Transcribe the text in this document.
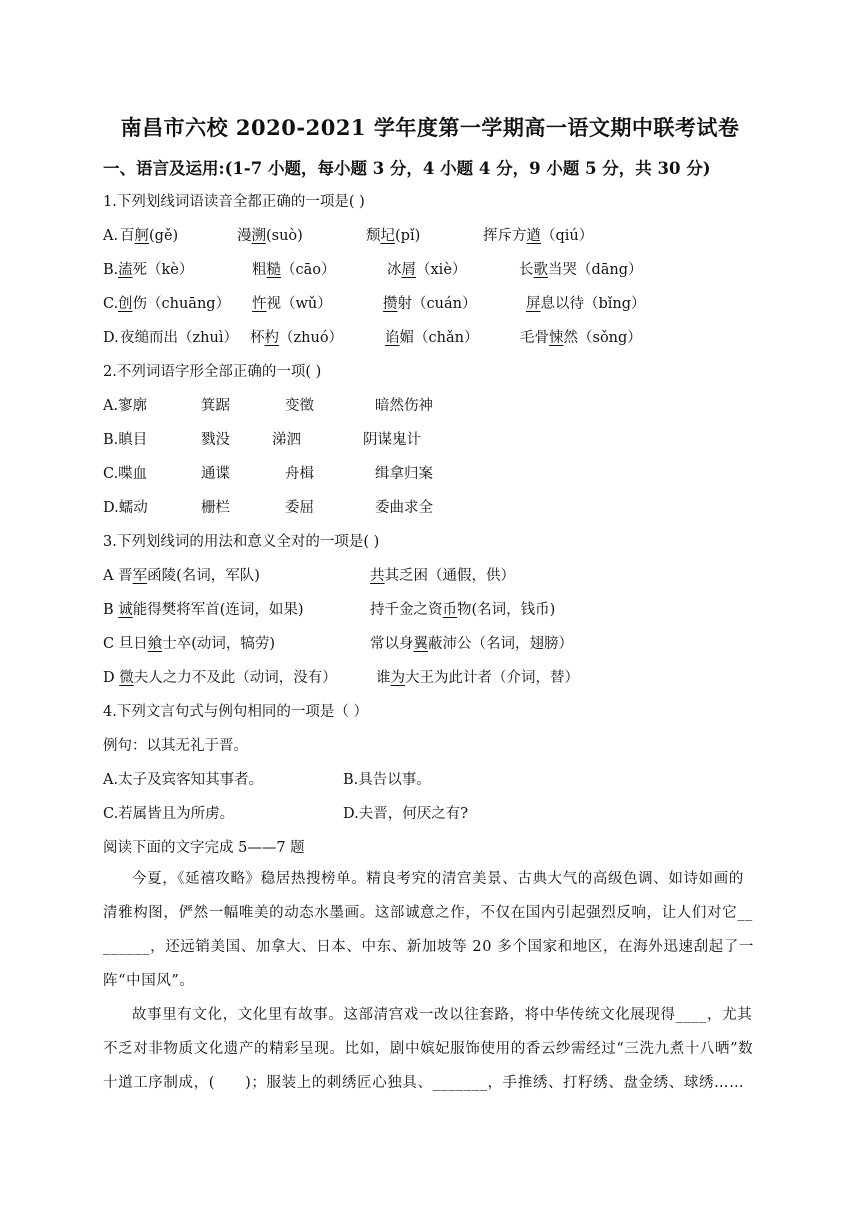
南昌市六校 2020-2021 学年度第一学期高一语文期中联考试卷
一、语言及运用:(1-7 小题，每小题 3 分，4 小题 4 分，9 小题 5 分，共 30 分)
1.下列划线词语读音全都正确的一项是( )
A. 百舸(gě)	漫溯(suò)	颓圮(pǐ)	挥斥方遒（qiú）
B. 溘死（kè）	粗糙（cāo）	冰屑（xiè）	长歌当哭（dāng）
C. 创伤（chuāng） 忤视（wǔ）	攒射（cuán）	屏息以待（bǐng）
D. 夜缒而出（zhuì） 杯杓（zhuó）	谄媚（chǎn）	毛骨悚然（sǒng）
2.不列词语字形全部正确的一项( )
A.寥廓	箕踞	变徵	暗然伤神
B.瞋目	戮没	涕泗	阴谋鬼计
C.喋血	通谍	舟楫	缉拿归案
D.蠕动	栅栏	委屈	委曲求全
3.下列划线词的用法和意义全对的一项是( )
A 晋军函陵(名词，军队)	共其乏困（通假，供）
B 诚能得樊将军首(连词，如果)	持千金之资币物(名词，钱币)
C 旦日飨士卒(动词，犒劳)	常以身翼蔽沛公（名词，翅膀）
D 微夫人之力不及此（动词，没有）	谁为大王为此计者（介词，替）
4.下列文言句式与例句相同的一项是（ ）
例句：以其无礼于晋。
A.太子及宾客知其事者。	B.具告以事。
C.若属皆且为所虏。	D.夫晋，何厌之有?
阅读下面的文字完成 5——7 题
今夏，《延禧攻略》稳居热搜榜单。精良考究的清宫美景、古典大气的高级色调、如诗如画的清雅构图，俨然一幅唯美的动态水墨画。这部诚意之作，不仅在国内引起强烈反响，让人们对它________，还远销美国、加拿大、日本、中东、新加坡等 20 多个国家和地区，在海外迅速刮起了一阵“中国风”。
故事里有文化，文化里有故事。这部清宫戏一改以往套路，将中华传统文化展现得____，尤其不乏对非物质文化遗产的精彩呈现。比如，剧中嫔妃服饰使用的香云纱需经过“三洗九煮十八晒”数十道工序制成，(　　)；服装上的刺绣匠心独具、_______，手推绣、打籽绣、盘金绣、球绣……
